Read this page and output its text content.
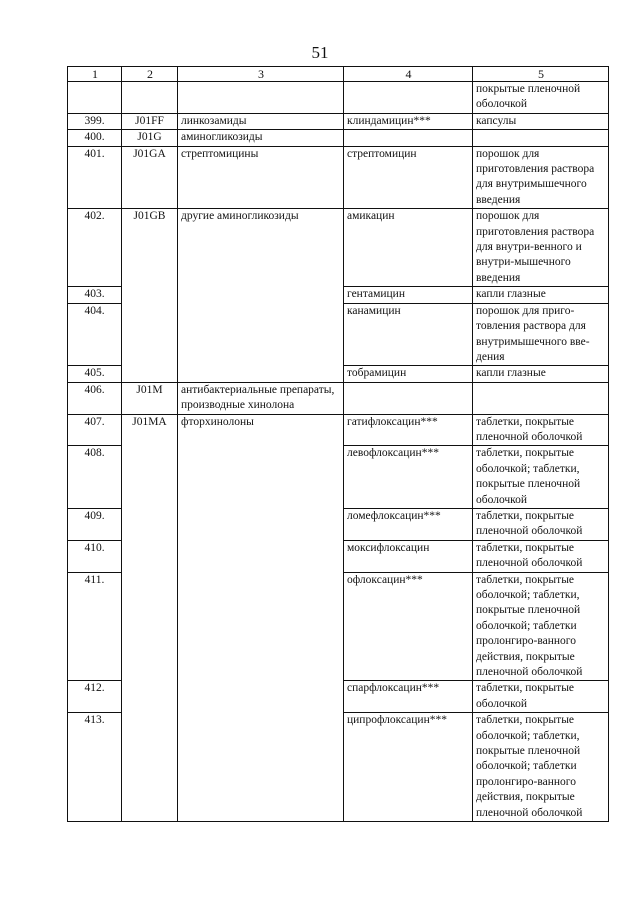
51
1	2	3	4	5
				покрытые пленочной оболочкой
399.	J01FF	линкозамиды	клиндамицин***	капсулы
400.	J01G	аминогликозиды		
401.	J01GA	стрептомицины	стрептомицин	порошок для приготовления раствора для внутримышечного введения
402.	J01GB	другие аминогликозиды	амикацин	порошок для приготовления раствора для внутри-венного и внутри-мышечного введения
403.			гентамицин	капли глазные
404.			канамицин	порошок для приго-товления раствора для внутримышечного вве-дения
405.			тобрамицин	капли глазные
406.	J01M	антибактериальные препараты, производные хинолона		
407.	J01MA	фторхинолоны	гатифлоксацин***	таблетки, покрытые пленочной оболочкой
408.			левофлоксацин***	таблетки, покрытые оболочкой; таблетки, покрытые пленочной оболочкой
409.			ломефлоксацин***	таблетки, покрытые пленочной оболочкой
410.			моксифлоксацин	таблетки, покрытые пленочной оболочкой
411.			офлоксацин***	таблетки, покрытые оболочкой; таблетки, покрытые пленочной оболочкой; таблетки пролонгиро-ванного действия, покрытые пленочной оболочкой
412.			спарфлоксацин***	таблетки, покрытые оболочкой
413.			ципрофлоксацин***	таблетки, покрытые оболочкой; таблетки, покрытые пленочной оболочкой; таблетки пролонгиро-ванного действия, покрытые пленочной оболочкой
